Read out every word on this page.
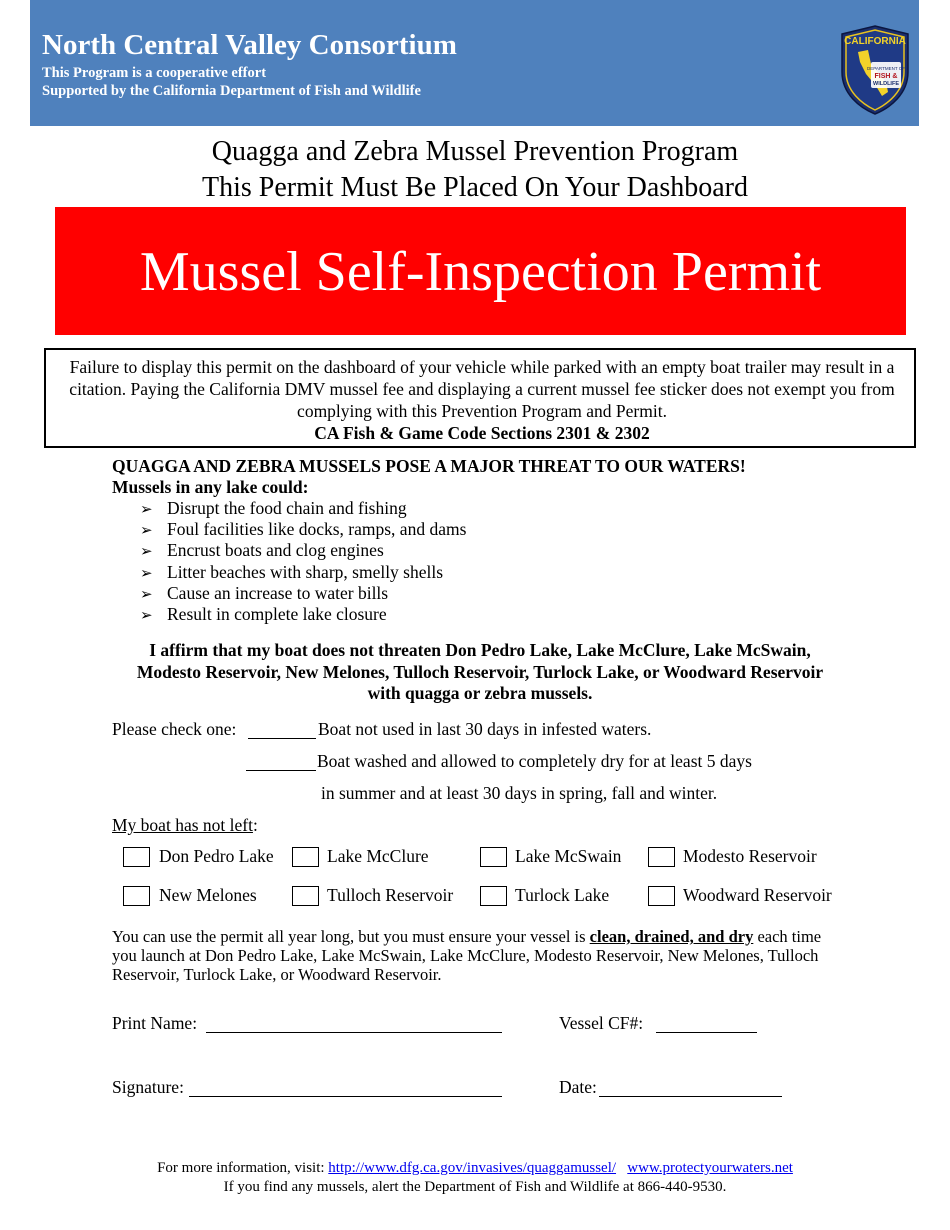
North Central Valley Consortium
This Program is a cooperative effort
Supported by the California Department of Fish and Wildlife
CALIFORNIA
DEPARTMENT OF
FISH &
WILDLIFE
Quagga and Zebra Mussel Prevention Program
This Permit Must Be Placed On Your Dashboard
Mussel Self-Inspection Permit
Failure to display this permit on the dashboard of your vehicle while parked with an empty boat trailer may result in a citation. Paying the California DMV mussel fee and displaying a current mussel fee sticker does not exempt you from complying with this Prevention Program and Permit.
CA Fish & Game Code Sections 2301 & 2302
QUAGGA AND ZEBRA MUSSELS POSE A MAJOR THREAT TO OUR WATERS!
Mussels in any lake could:
➢ Disrupt the food chain and fishing
➢ Foul facilities like docks, ramps, and dams
➢ Encrust boats and clog engines
➢ Litter beaches with sharp, smelly shells
➢ Cause an increase to water bills
➢ Result in complete lake closure
I affirm that my boat does not threaten Don Pedro Lake, Lake McClure, Lake McSwain, Modesto Reservoir, New Melones, Tulloch Reservoir, Turlock Lake, or Woodward Reservoir with quagga or zebra mussels.
Please check one:	Boat not used in last 30 days in infested waters.
Boat washed and allowed to completely dry for at least 5 days
in summer and at least 30 days in spring, fall and winter.
My boat has not left:
Don Pedro Lake	Lake McClure	Lake McSwain	Modesto Reservoir
New Melones	Tulloch Reservoir	Turlock Lake	Woodward Reservoir
You can use the permit all year long, but you must ensure your vessel is clean, drained, and dry each time you launch at Don Pedro Lake, Lake McSwain, Lake McClure, Modesto Reservoir, New Melones, Tulloch Reservoir, Turlock Lake, or Woodward Reservoir.
Print Name:	Vessel CF#:
Signature:	Date:
For more information, visit: http://www.dfg.ca.gov/invasives/quaggamussel/ www.protectyourwaters.net
If you find any mussels, alert the Department of Fish and Wildlife at 866-440-9530.
